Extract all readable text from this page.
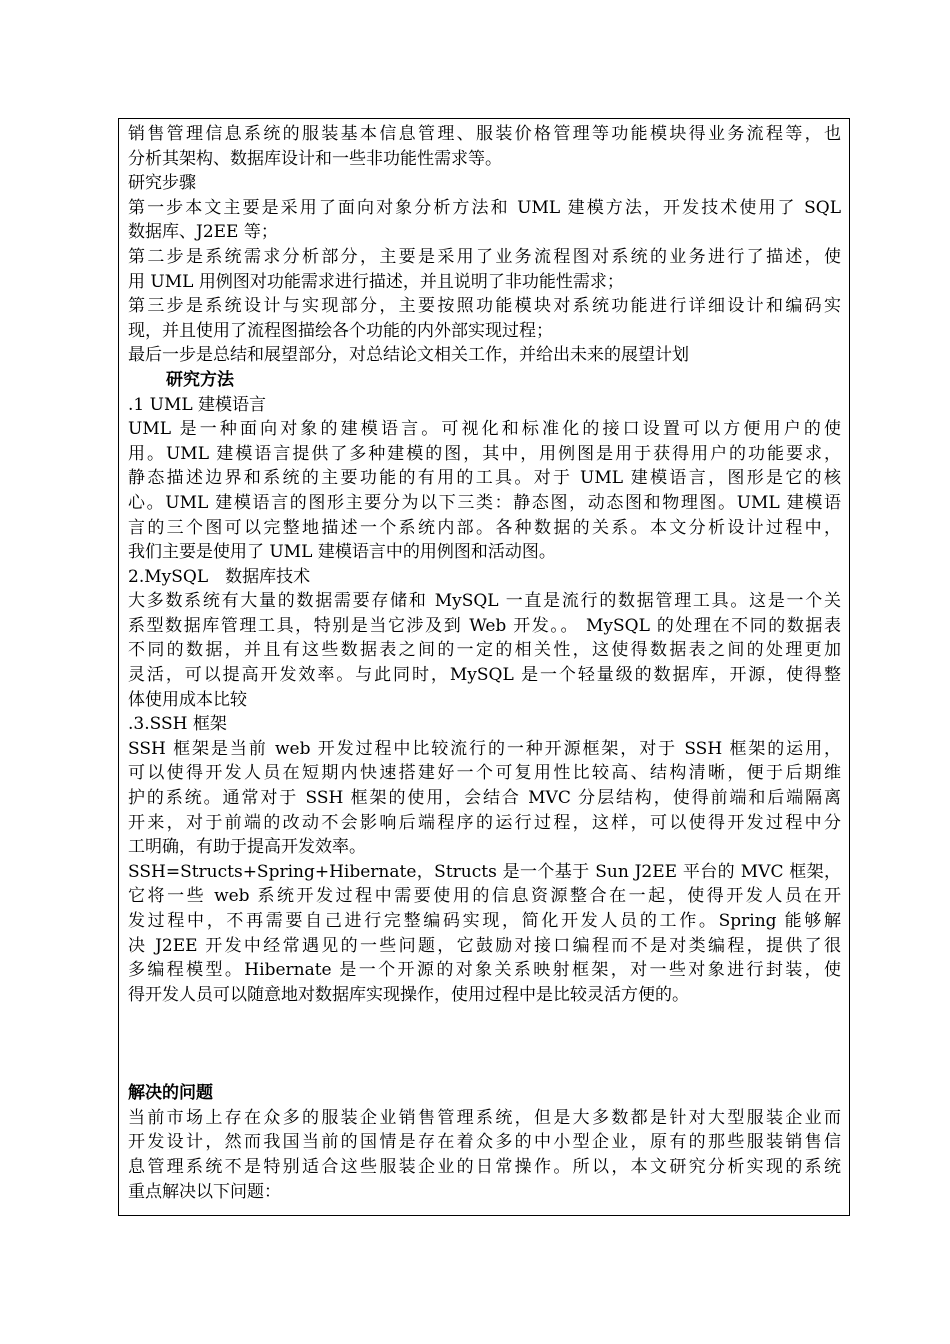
销售管理信息系统的服装基本信息管理、服装价格管理等功能模块得业务流程等，也
分析其架构、数据库设计和一些非功能性需求等。
研究步骤
第一步本文主要是采用了面向对象分析方法和 UML 建模方法，开发技术使用了 SQL
数据库、J2EE 等；
第二步是系统需求分析部分，主要是采用了业务流程图对系统的业务进行了描述，使
用 UML 用例图对功能需求进行描述，并且说明了非功能性需求；
第三步是系统设计与实现部分，主要按照功能模块对系统功能进行详细设计和编码实
现，并且使用了流程图描绘各个功能的内外部实现过程；
最后一步是总结和展望部分，对总结论文相关工作，并给出未来的展望计划
研究方法
.1 UML 建模语言
UML 是一种面向对象的建模语言。可视化和标准化的接口设置可以方便用户的使
用。UML 建模语言提供了多种建模的图，其中，用例图是用于获得用户的功能要求，
静态描述边界和系统的主要功能的有用的工具。对于 UML 建模语言，图形是它的核
心。UML 建模语言的图形主要分为以下三类：静态图，动态图和物理图。UML 建模语
言的三个图可以完整地描述一个系统内部。各种数据的关系。本文分析设计过程中，
我们主要是使用了 UML 建模语言中的用例图和活动图。
2.MySQL　数据库技术
大多数系统有大量的数据需要存储和 MySQL 一直是流行的数据管理工具。这是一个关
系型数据库管理工具，特别是当它涉及到 Web 开发。。 MySQL 的处理在不同的数据表
不同的数据，并且有这些数据表之间的一定的相关性，这使得数据表之间的处理更加
灵活，可以提高开发效率。与此同时，MySQL 是一个轻量级的数据库，开源，使得整
体使用成本比较
.3.SSH 框架
SSH 框架是当前 web 开发过程中比较流行的一种开源框架，对于 SSH 框架的运用，
可以使得开发人员在短期内快速搭建好一个可复用性比较高、结构清晰，便于后期维
护的系统。通常对于 SSH 框架的使用，会结合 MVC 分层结构，使得前端和后端隔离
开来，对于前端的改动不会影响后端程序的运行过程，这样，可以使得开发过程中分
工明确，有助于提高开发效率。
SSH=Structs+Spring+Hibernate，Structs 是一个基于 Sun J2EE 平台的 MVC 框架，
它将一些 web 系统开发过程中需要使用的信息资源整合在一起，使得开发人员在开
发过程中，不再需要自己进行完整编码实现，简化开发人员的工作。Spring 能够解
决 J2EE 开发中经常遇见的一些问题，它鼓励对接口编程而不是对类编程，提供了很
多编程模型。Hibernate 是一个开源的对象关系映射框架，对一些对象进行封装，使
得开发人员可以随意地对数据库实现操作，使用过程中是比较灵活方便的。
解决的问题
当前市场上存在众多的服装企业销售管理系统，但是大多数都是针对大型服装企业而
开发设计，然而我国当前的国情是存在着众多的中小型企业，原有的那些服装销售信
息管理系统不是特别适合这些服装企业的日常操作。所以，本文研究分析实现的系统
重点解决以下问题：
